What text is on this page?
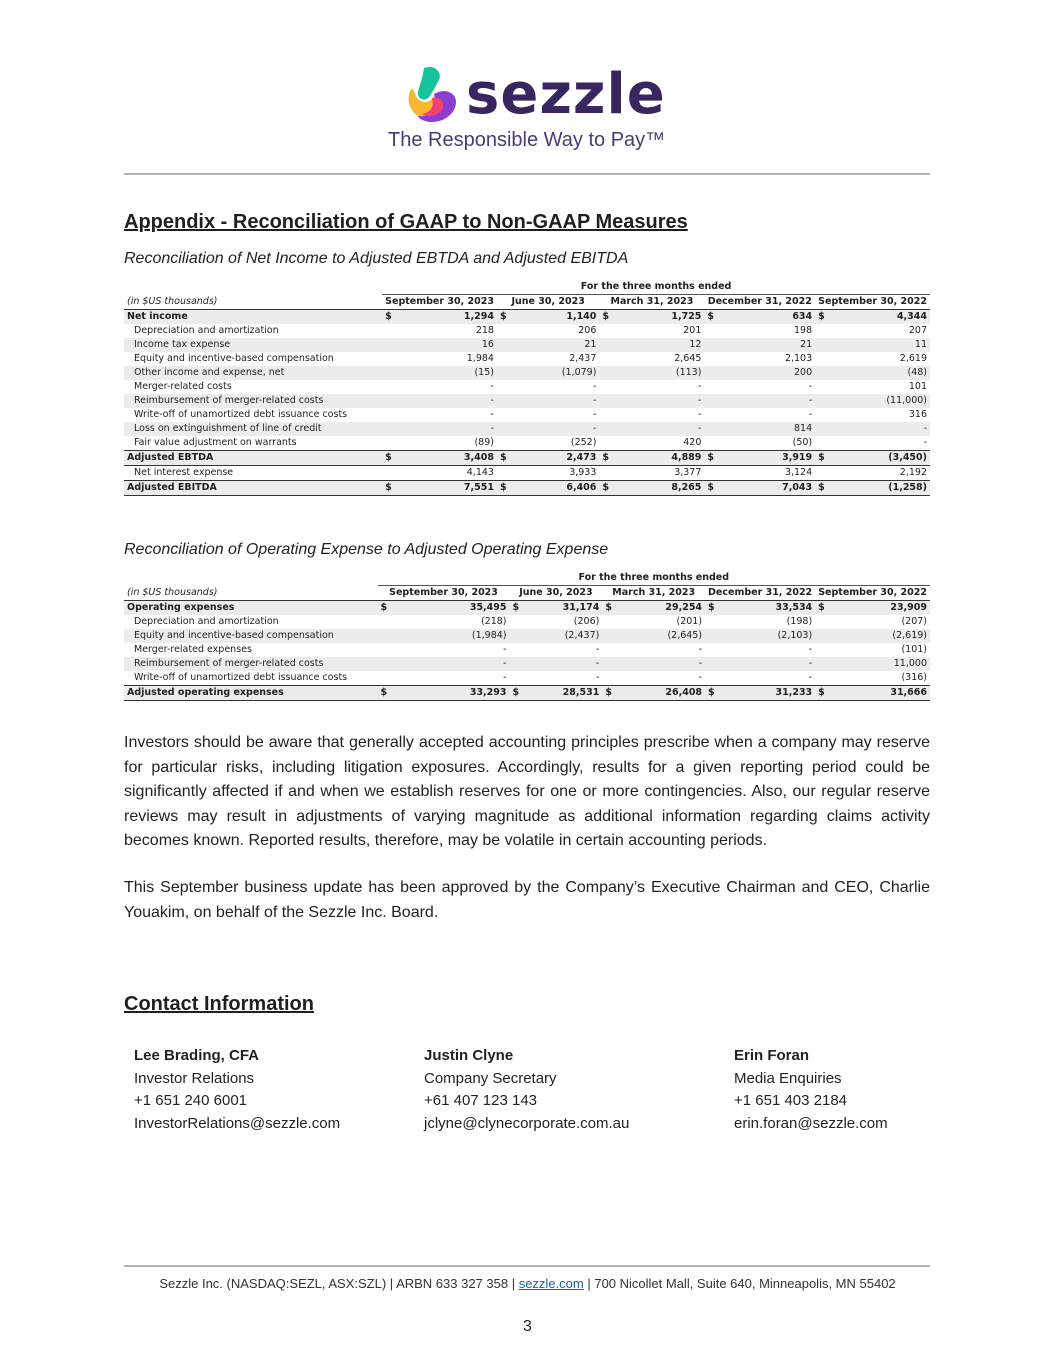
sezzle
The Responsible Way to Pay™
Appendix - Reconciliation of GAAP to Non-GAAP Measures
Reconciliation of Net Income to Adjusted EBTDA and Adjusted EBITDA
	For the three months ended									
(in $US thousands)	September 30, 2023		June 30, 2023		March 31, 2023		December 31, 2022		September 30, 2022	
Net income	$	1,294	$	1,140	$	1,725	$	634	$	4,344
Depreciation and amortization		218		206		201		198		207
Income tax expense		16		21		12		21		11
Equity and incentive-based compensation		1,984		2,437		2,645		2,103		2,619
Other income and expense, net		(15)		(1,079)		(113)		200		(48)
Merger-related costs		-		-		-		-		101
Reimbursement of merger-related costs		-		-		-		-		(11,000)
Write-off of unamortized debt issuance costs		-		-		-		-		316
Loss on extinguishment of line of credit		-		-		-		814		-
Fair value adjustment on warrants		(89)		(252)		420		(50)		-
Adjusted EBTDA	$	3,408	$	2,473	$	4,889	$	3,919	$	(3,450)
Net interest expense		4,143		3,933		3,377		3,124		2,192
Adjusted EBITDA	$	7,551	$	6,406	$	8,265	$	7,043	$	(1,258)
Reconciliation of Operating Expense to Adjusted Operating Expense
	For the three months ended									
(in $US thousands)	September 30, 2023		June 30, 2023		March 31, 2023		December 31, 2022		September 30, 2022	
Operating expenses	$	35,495	$	31,174	$	29,254	$	33,534	$	23,909
Depreciation and amortization		(218)		(206)		(201)		(198)		(207)
Equity and incentive-based compensation		(1,984)		(2,437)		(2,645)		(2,103)		(2,619)
Merger-related expenses		-		-		-		-		(101)
Reimbursement of merger-related costs		-		-		-		-		11,000
Write-off of unamortized debt issuance costs		-		-		-		-		(316)
Adjusted operating expenses	$	33,293	$	28,531	$	26,408	$	31,233	$	31,666
Investors should be aware that generally accepted accounting principles prescribe when a company may reserve for particular risks, including litigation exposures. Accordingly, results for a given reporting period could be significantly affected if and when we establish reserves for one or more contingencies. Also, our regular reserve reviews may result in adjustments of varying magnitude as additional information regarding claims activity becomes known. Reported results, therefore, may be volatile in certain accounting periods.
This September business update has been approved by the Company’s Executive Chairman and CEO, Charlie Youakim, on behalf of the Sezzle Inc. Board.
Contact Information
Lee Brading, CFA
Investor Relations
+1 651 240 6001
InvestorRelations@sezzle.com
Justin Clyne
Company Secretary
+61 407 123 143
jclyne@clynecorporate.com.au
Erin Foran
Media Enquiries
+1 651 403 2184
erin.foran@sezzle.com
Sezzle Inc. (NASDAQ:SEZL, ASX:SZL) | ARBN 633 327 358 | sezzle.com | 700 Nicollet Mall, Suite 640, Minneapolis, MN 55402
3
